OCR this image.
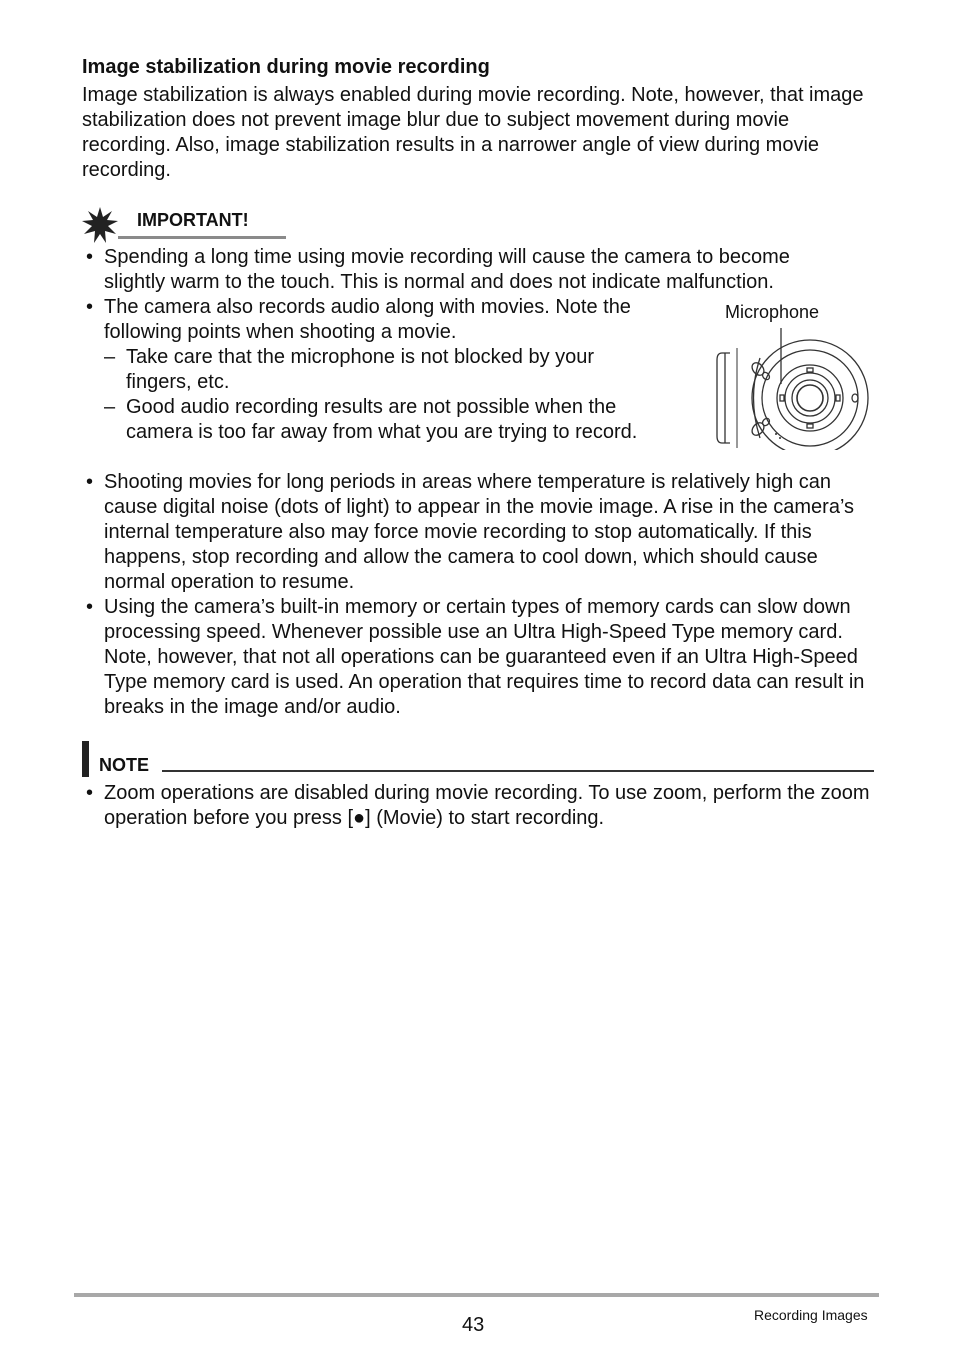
Image stabilization during movie recording

Image stabilization is always enabled during movie recording. Note, however, that image stabilization does not prevent image blur due to subject movement during movie recording. Also, image stabilization results in a narrower angle of view during movie recording.

IMPORTANT!
• Spending a long time using movie recording will cause the camera to become slightly warm to the touch. This is normal and does not indicate malfunction.
• The camera also records audio along with movies. Note the following points when shooting a movie.
– Take care that the microphone is not blocked by your fingers, etc.
– Good audio recording results are not possible when the camera is too far away from what you are trying to record.
• Shooting movies for long periods in areas where temperature is relatively high can cause digital noise (dots of light) to appear in the movie image. A rise in the camera’s internal temperature also may force movie recording to stop automatically. If this happens, stop recording and allow the camera to cool down, which should cause normal operation to resume.
• Using the camera’s built-in memory or certain types of memory cards can slow down processing speed. Whenever possible use an Ultra High-Speed Type memory card. Note, however, that not all operations can be guaranteed even if an Ultra High-Speed Type memory card is used. An operation that requires time to record data can result in breaks in the image and/or audio.
Microphone
NOTE
• Zoom operations are disabled during movie recording. To use zoom, perform the zoom operation before you press [●] (Movie) to start recording.
43	Recording Images
